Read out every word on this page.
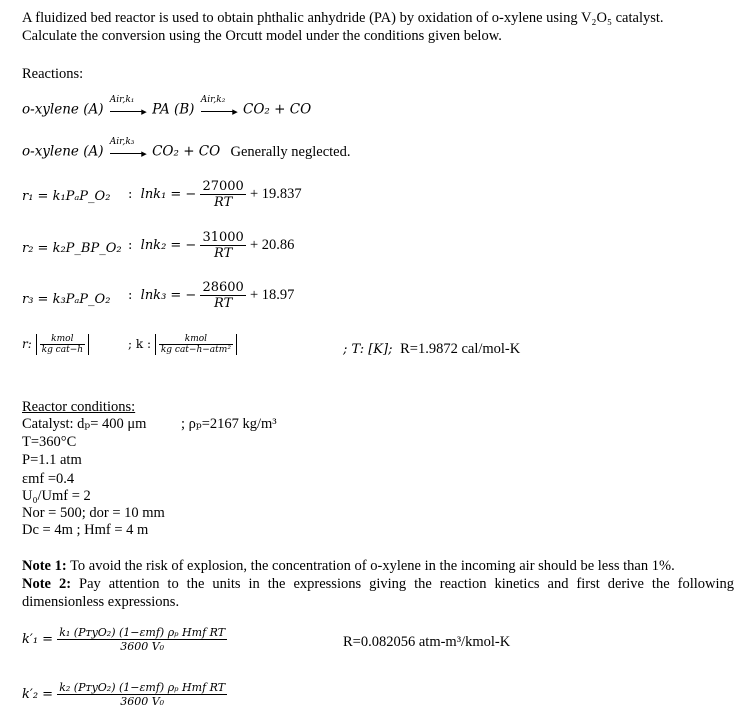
A fluidized bed reactor is used to obtain phthalic anhydride (PA) by oxidation of o-xylene using V₂O₅ catalyst.
Calculate the conversion using the Orcutt model under the conditions given below.
Reactions:
o-xylene (A)
Air,k₁
▸ PA (B)
Air,k₂
▸ CO₂ + CO
o-xylene (A)
Air,k₃
▸ CO₂ + CO Generally neglected.
r₁ = k₁PₐP_O₂ : lnk₁ = − $\frac{27000}{RT} + 19.837$
r₂ = k₂P_BP_O₂ : lnk₂ = − $\frac{31000}{RT} + 20.86$
r₃ = k₃PₐP_O₂ : lnk₃ = − $\frac{28600}{RT} + 18.97$
r: $\frac{\text{kmol}}{\text{kg cat−h}}$	; k : $\frac{\text{kmol}}{\text{kg cat−h−atm²}}$	; T: [K]; R=1.9872 cal/mol-K
Reactor conditions:
Catalyst: dₚ= 400 μm ; ρₚ=2167 kg/m³
T=360°C
P=1.1 atm
εmf =0.4
U₀/Umf = 2
Nor = 500; dor = 10 mm
Dc = 4m ; Hmf = 4 m
Note 1: To avoid the risk of explosion, the concentration of o-xylene in the incoming air should be less than 1%.
Note 2: Pay attention to the units in the expressions giving the reaction kinetics and first derive the following dimensionless expressions.
$k'_1 = \frac{\text{k₁ (PᴛyO₂) (1−εmf) ρₚ Hmf RT}}{\text{3600 V₀}}$	R=0.082056 atm-m³/kmol-K
$k'_2 = \frac{\text{k₂ (PᴛyO₂) (1−εmf) ρₚ Hmf RT}}{\text{3600 V₀}}$
